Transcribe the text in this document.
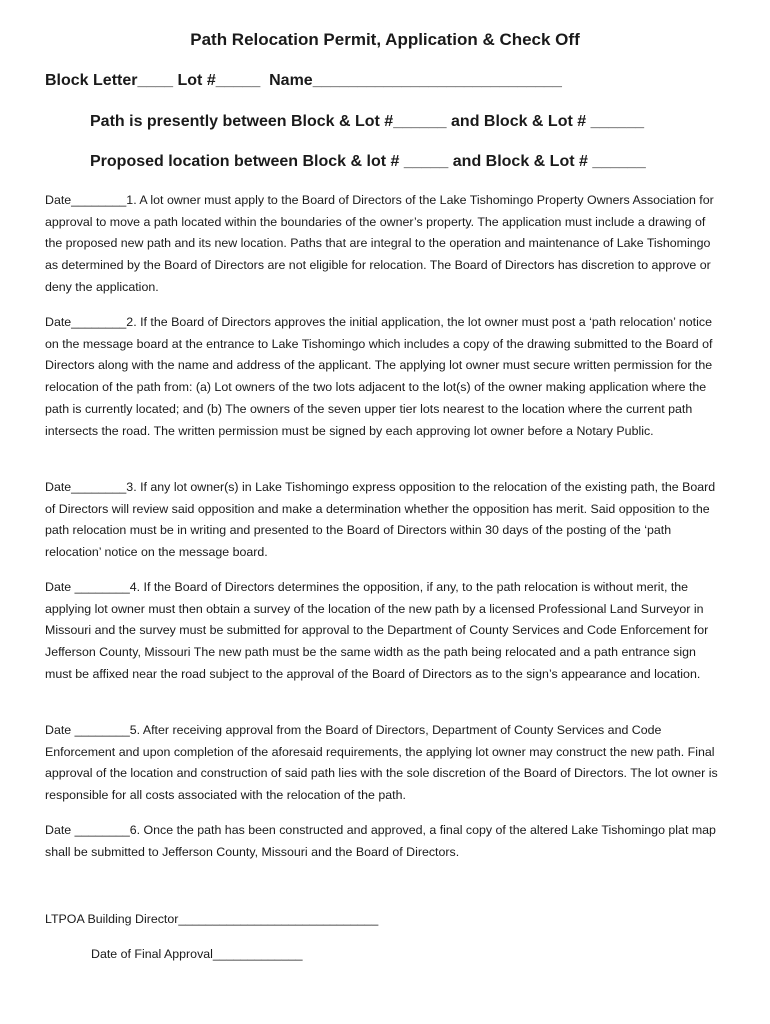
Path Relocation Permit, Application & Check Off
Block Letter____ Lot #_____  Name____________________________
Path is presently between Block & Lot #______ and Block & Lot # ______
Proposed location between Block & lot # _____ and Block & Lot # ______
Date________1. A lot owner must apply to the Board of Directors of the Lake Tishomingo Property Owners Association for approval to move a path located within the boundaries of the owner’s property. The application must include a drawing of the proposed new path and its new location. Paths that are integral to the operation and maintenance of Lake Tishomingo as determined by the Board of Directors are not eligible for relocation. The Board of Directors has discretion to approve or deny the application.
Date________2. If the Board of Directors approves the initial application, the lot owner must post a ‘path relocation’ notice on the message board at the entrance to Lake Tishomingo which includes a copy of the drawing submitted to the Board of Directors along with the name and address of the applicant. The applying lot owner must secure written permission for the relocation of the path from: (a) Lot owners of the two lots adjacent to the lot(s) of the owner making application where the path is currently located; and (b) The owners of the seven upper tier lots nearest to the location where the current path intersects the road. The written permission must be signed by each approving lot owner before a Notary Public.
Date________3. If any lot owner(s) in Lake Tishomingo express opposition to the relocation of the existing path, the Board of Directors will review said opposition and make a determination whether the opposition has merit. Said opposition to the path relocation must be in writing and presented to the Board of Directors within 30 days of the posting of the ‘path relocation’ notice on the message board.
Date ________4. If the Board of Directors determines the opposition, if any, to the path relocation is without merit, the applying lot owner must then obtain a survey of the location of the new path by a licensed Professional Land Surveyor in Missouri and the survey must be submitted for approval to the Department of County Services and Code Enforcement for Jefferson County, Missouri The new path must be the same width as the path being relocated and a path entrance sign must be affixed near the road subject to the approval of the Board of Directors as to the sign’s appearance and location.
Date ________5. After receiving approval from the Board of Directors, Department of County Services and Code Enforcement and upon completion of the aforesaid requirements, the applying lot owner may construct the new path. Final approval of the location and construction of said path lies with the sole discretion of the Board of Directors. The lot owner is responsible for all costs associated with the relocation of the path.
Date ________6. Once the path has been constructed and approved, a final copy of the altered Lake Tishomingo plat map shall be submitted to Jefferson County, Missouri and the Board of Directors.
LTPOA Building Director_____________________________
Date of Final Approval_____________
